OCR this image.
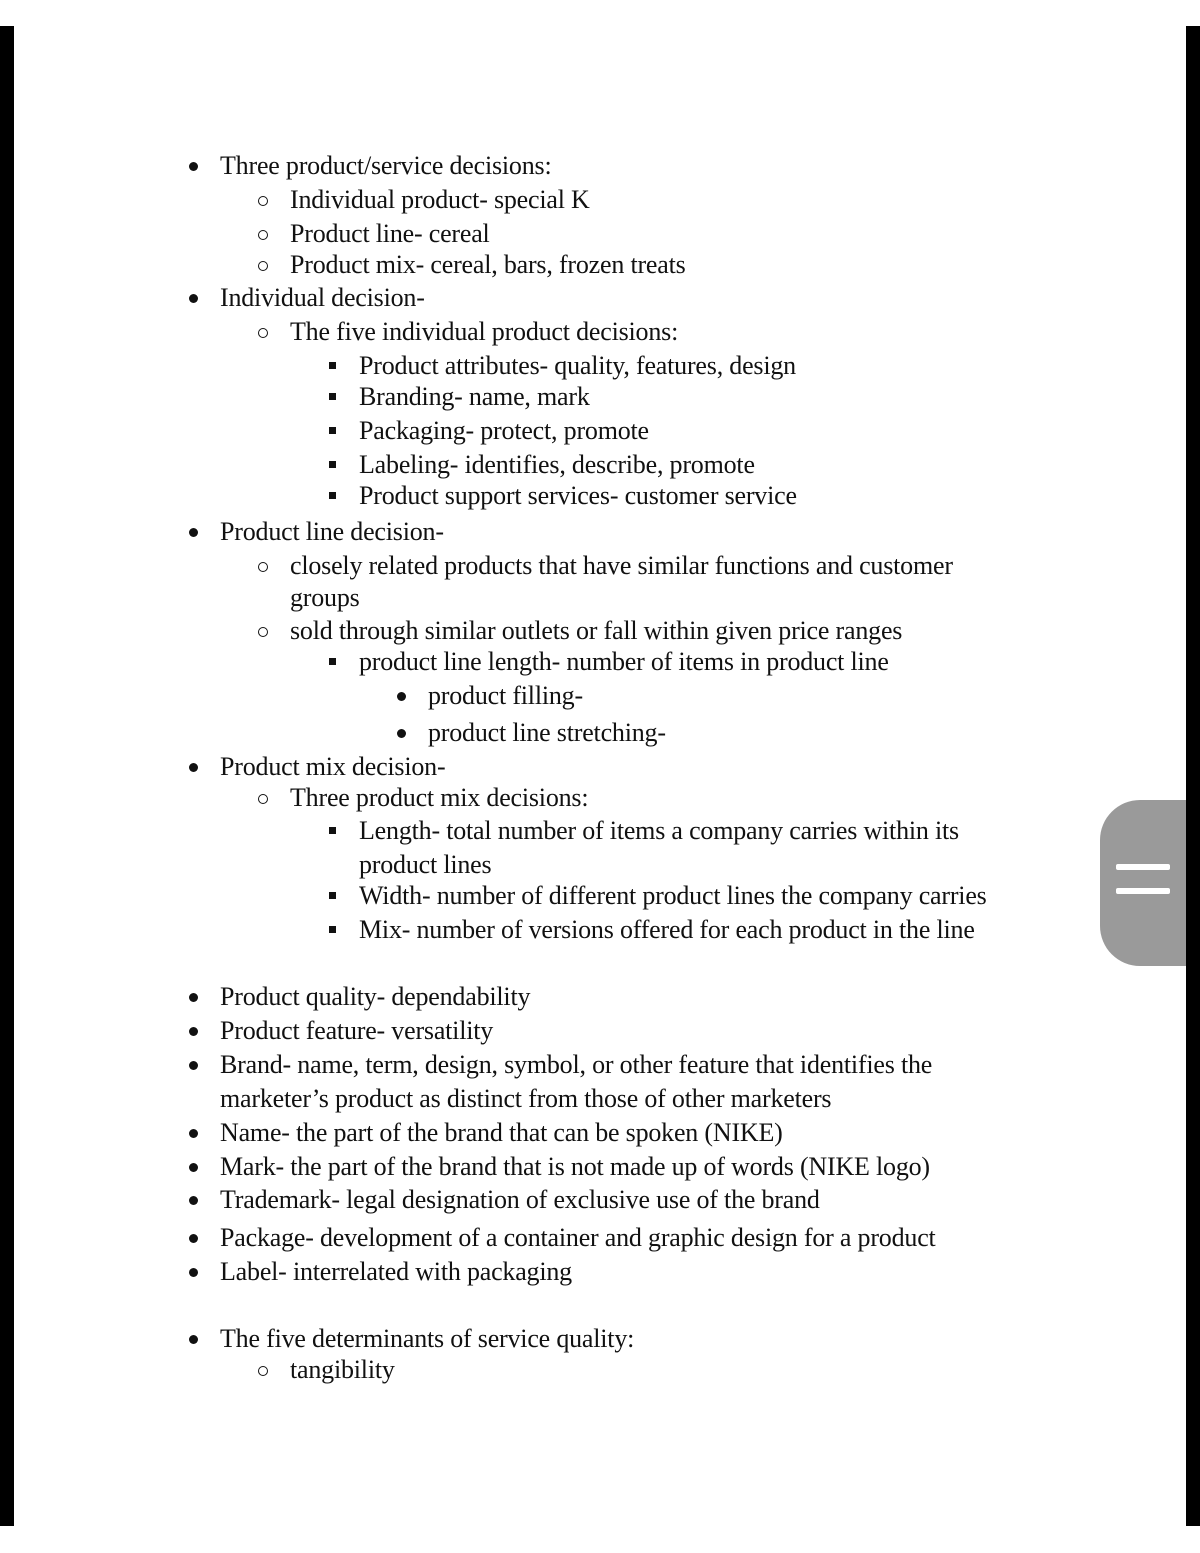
Three product/service decisions:
Individual product- special K
Product line- cereal
Product mix- cereal, bars, frozen treats
Individual decision-
The five individual product decisions:
Product attributes- quality, features, design
Branding- name, mark
Packaging- protect, promote
Labeling- identifies, describe, promote
Product support services- customer service
Product line decision-
closely related products that have similar functions and customer
groups
sold through similar outlets or fall within given price ranges
product line length- number of items in product line
product filling-
product line stretching-
Product mix decision-
Three product mix decisions:
Length- total number of items a company carries within its
product lines
Width- number of different product lines the company carries
Mix- number of versions offered for each product in the line
Product quality- dependability
Product feature- versatility
Brand- name, term, design, symbol, or other feature that identifies the
marketer’s product as distinct from those of other marketers
Name- the part of the brand that can be spoken (NIKE)
Mark- the part of the brand that is not made up of words (NIKE logo)
Trademark- legal designation of exclusive use of the brand
Package- development of a container and graphic design for a product
Label- interrelated with packaging
The five determinants of service quality:
tangibility
